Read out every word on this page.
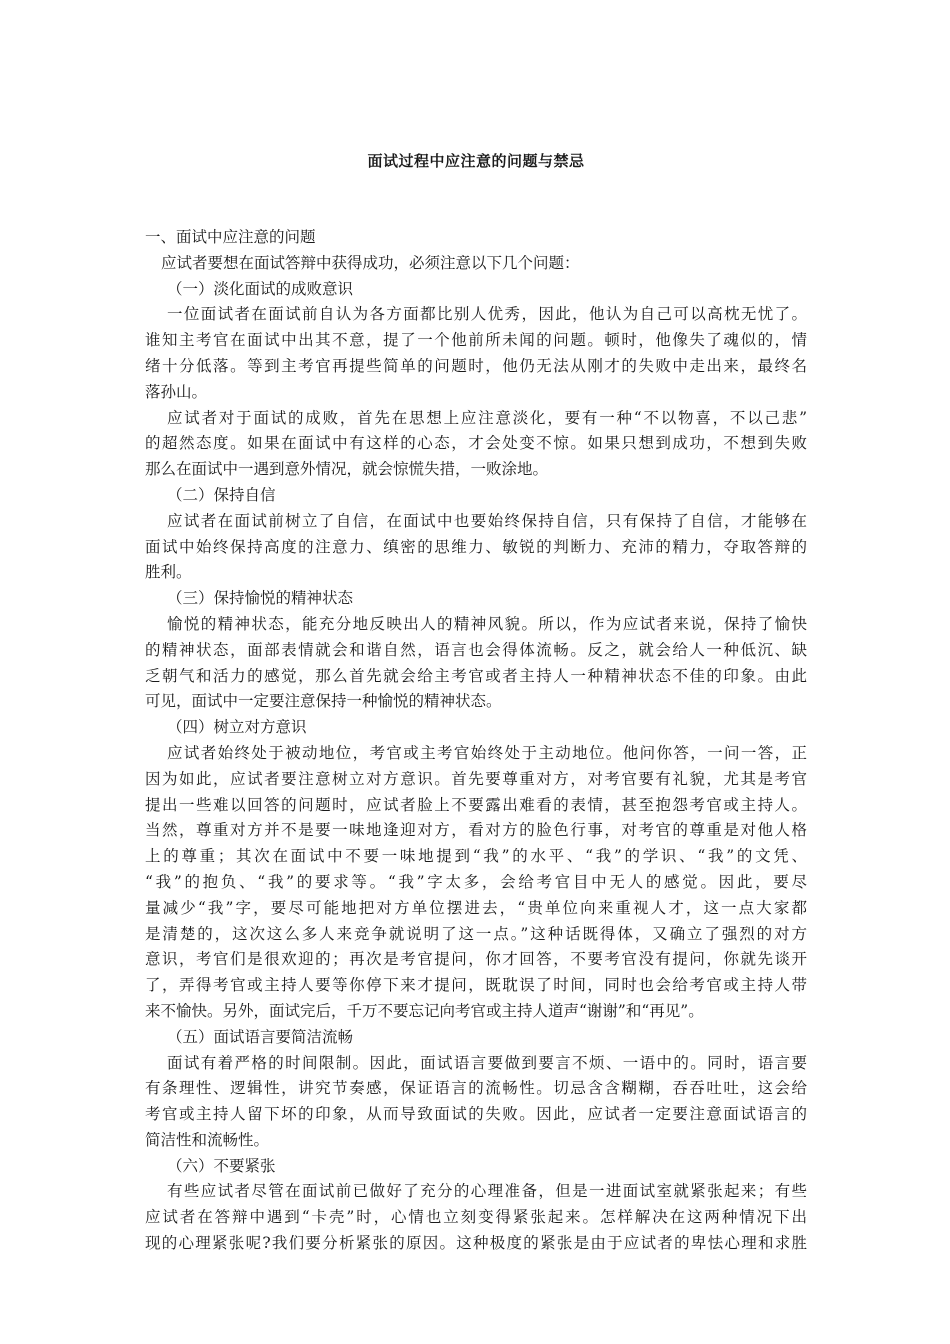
面试过程中应注意的问题与禁忌
一、面试中应注意的问题
应试者要想在面试答辩中获得成功，必须注意以下几个问题：
（一）淡化面试的成败意识
一位面试者在面试前自认为各方面都比别人优秀，因此，他认为自己可以高枕无忧了。
谁知主考官在面试中出其不意，提了一个他前所未闻的问题。顿时，他像失了魂似的，情
绪十分低落。等到主考官再提些简单的问题时，他仍无法从刚才的失败中走出来，最终名
落孙山。
应试者对于面试的成败，首先在思想上应注意淡化，要有一种“不以物喜，不以己悲”
的超然态度。如果在面试中有这样的心态，才会处变不惊。如果只想到成功，不想到失败
那么在面试中一遇到意外情况，就会惊慌失措，一败涂地。
（二）保持自信
应试者在面试前树立了自信，在面试中也要始终保持自信，只有保持了自信，才能够在
面试中始终保持高度的注意力、缜密的思维力、敏锐的判断力、充沛的精力，夺取答辩的
胜利。
（三）保持愉悦的精神状态
愉悦的精神状态，能充分地反映出人的精神风貌。所以，作为应试者来说，保持了愉快
的精神状态，面部表情就会和谐自然，语言也会得体流畅。反之，就会给人一种低沉、缺
乏朝气和活力的感觉，那么首先就会给主考官或者主持人一种精神状态不佳的印象。由此
可见，面试中一定要注意保持一种愉悦的精神状态。
（四）树立对方意识
应试者始终处于被动地位，考官或主考官始终处于主动地位。他问你答，一问一答，正
因为如此，应试者要注意树立对方意识。首先要尊重对方，对考官要有礼貌，尤其是考官
提出一些难以回答的问题时，应试者脸上不要露出难看的表情，甚至抱怨考官或主持人。
当然，尊重对方并不是要一味地逢迎对方，看对方的脸色行事，对考官的尊重是对他人格
上的尊重；其次在面试中不要一味地提到“我”的水平、“我”的学识、“我”的文凭、
“我”的抱负、“我”的要求等。“我”字太多，会给考官目中无人的感觉。因此，要尽
量减少“我”字，要尽可能地把对方单位摆进去，“贵单位向来重视人才，这一点大家都
是清楚的，这次这么多人来竞争就说明了这一点。”这种话既得体，又确立了强烈的对方
意识，考官们是很欢迎的；再次是考官提问，你才回答，不要考官没有提问，你就先谈开
了，弄得考官或主持人要等你停下来才提问，既耽误了时间，同时也会给考官或主持人带
来不愉快。另外，面试完后，千万不要忘记向考官或主持人道声“谢谢”和“再见”。
（五）面试语言要简洁流畅
面试有着严格的时间限制。因此，面试语言要做到要言不烦、一语中的。同时，语言要
有条理性、逻辑性，讲究节奏感，保证语言的流畅性。切忌含含糊糊，吞吞吐吐，这会给
考官或主持人留下坏的印象，从而导致面试的失败。因此，应试者一定要注意面试语言的
简洁性和流畅性。
（六）不要紧张
有些应试者尽管在面试前已做好了充分的心理准备，但是一进面试室就紧张起来；有些
应试者在答辩中遇到“卡壳”时，心情也立刻变得紧张起来。怎样解决在这两种情况下出
现的心理紧张呢?我们要分析紧张的原因。这种极度的紧张是由于应试者的卑怯心理和求胜
